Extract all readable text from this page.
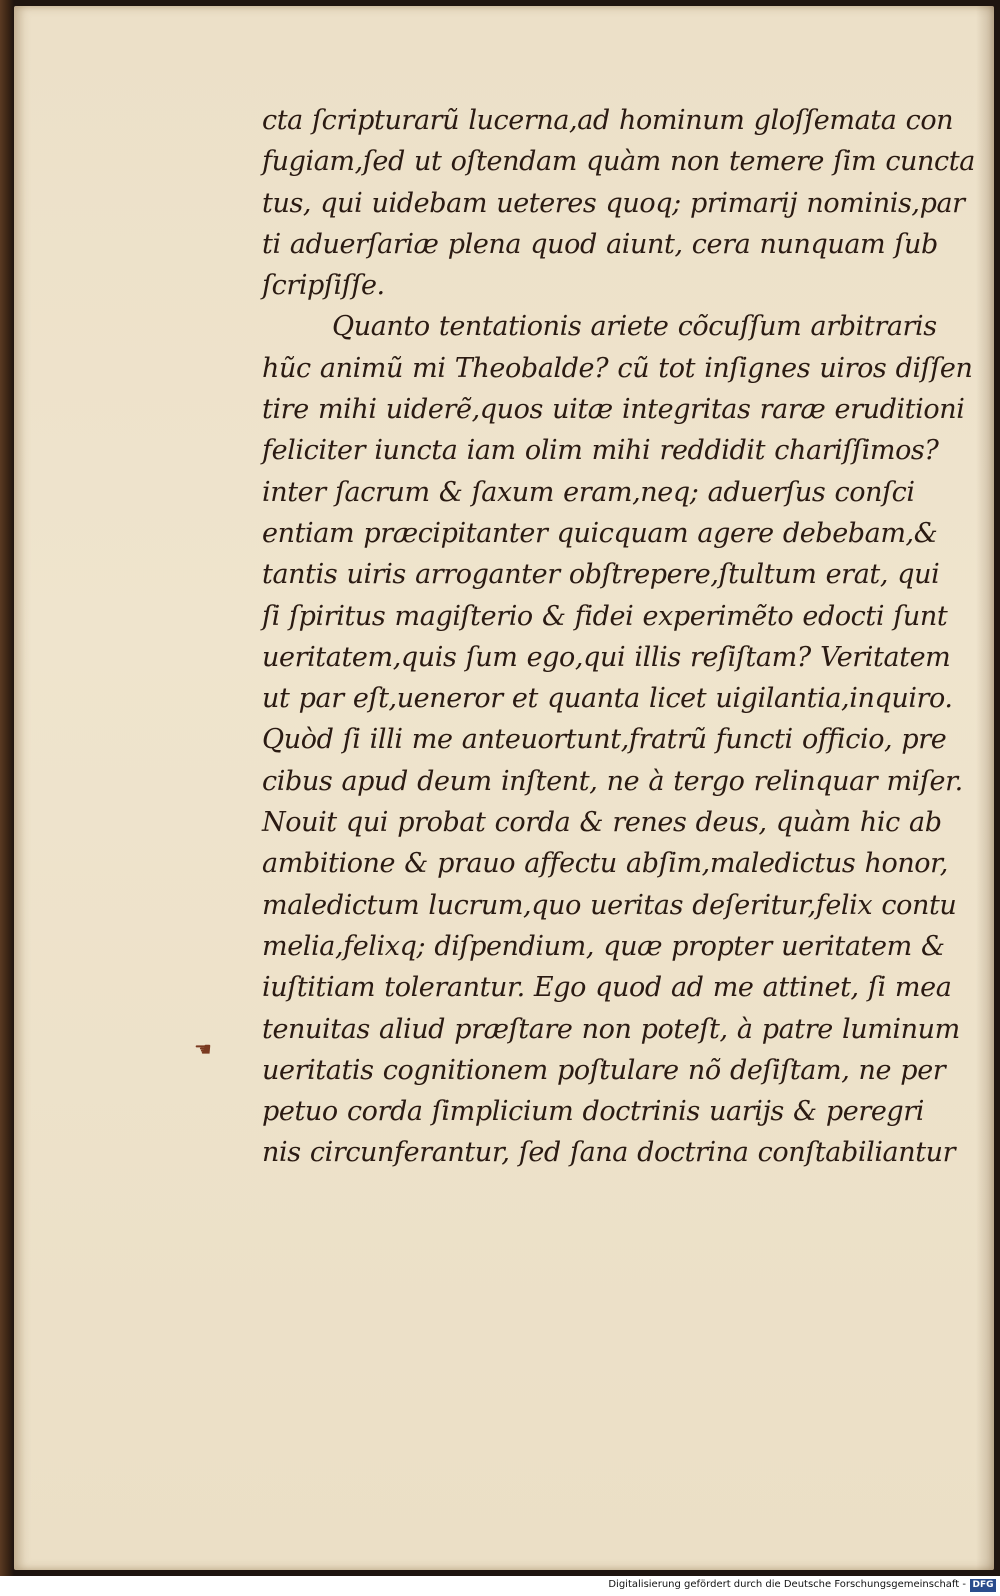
☚
cta ſcripturarũ lucerna,ad hominum gloſſemata con
fugiam,ſed ut oſtendam quàm non temere ſim cuncta
tus, qui uidebam ueteres quoq; primarij nominis,par
ti aduerſariæ plena quod aiunt, cera nunquam ſub
ſcripſiſſe.
Quanto tentationis ariete cõcuſſum arbitraris
hũc animũ mi Theobalde? cũ tot inſignes uiros diſſen
tire mihi uiderẽ,quos uitæ integritas raræ eruditioni
feliciter iuncta iam olim mihi reddidit chariſſimos?
inter ſacrum & ſaxum eram,neq; aduerſus conſci
entiam præcipitanter quicquam agere debebam,&
tantis uiris arroganter obſtrepere,ſtultum erat, qui
ſi ſpiritus magiſterio & fidei experimẽto edocti ſunt
ueritatem,quis ſum ego,qui illis reſiſtam? Veritatem
ut par eſt,ueneror et quanta licet uigilantia,inquiro.
Quòd ſi illi me anteuortunt,fratrũ functi officio, pre
cibus apud deum inſtent, ne à tergo relinquar miſer.
Nouit qui probat corda & renes deus, quàm hic ab
ambitione & prauo affectu abſim,maledictus honor,
maledictum lucrum,quo ueritas deſeritur,felix contu
melia,felixq; diſpendium, quæ propter ueritatem &
iuſtitiam tolerantur. Ego quod ad me attinet, ſi mea
tenuitas aliud præſtare non poteſt, à patre luminum
ueritatis cognitionem poſtulare nõ deſiſtam, ne per
petuo corda ſimplicium doctrinis uarijs & peregri
nis circunferantur, ſed ſana doctrina conſtabiliantur
Digitalisierung gefördert durch die Deutsche Forschungsgemeinschaft - DFG
